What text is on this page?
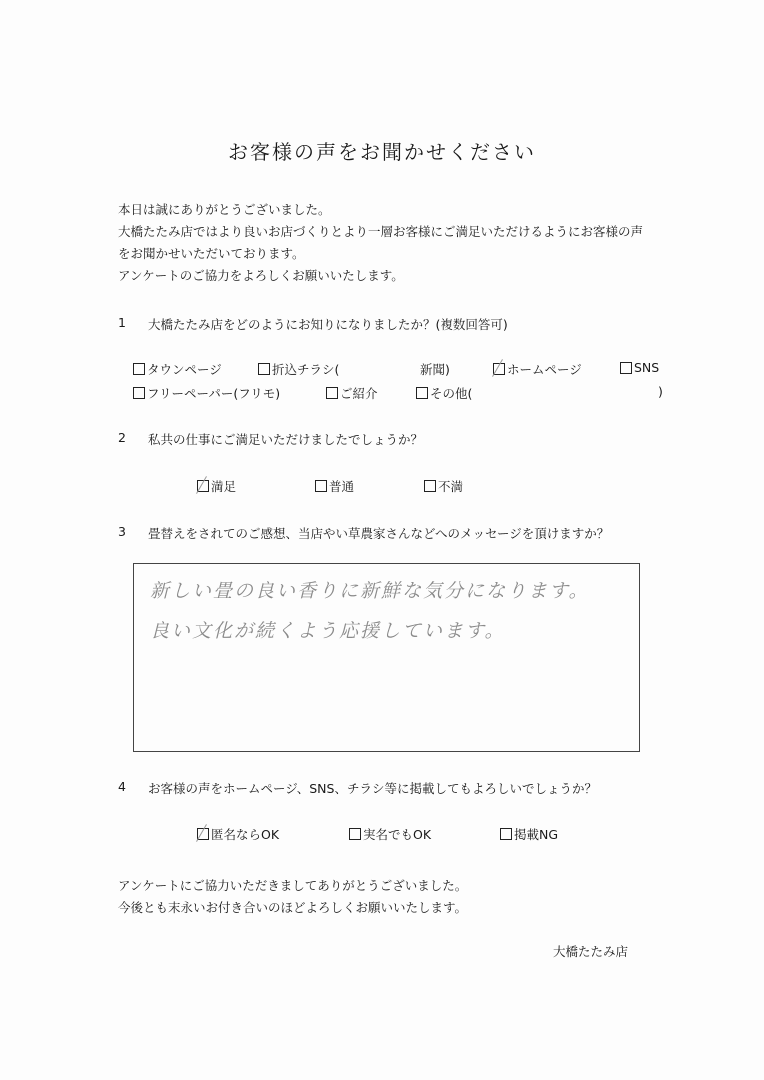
お客様の声をお聞かせください
本日は誠にありがとうございました。
大橋たたみ店ではより良いお店づくりとより一層お客様にご満足いただけるようにお客様の声
をお聞かせいただいております。
アンケートのご協力をよろしくお願いいたします。
1 大橋たたみ店をどのようにお知りになりましたか？(複数回答可)
タウンページ	折込チラシ(	新聞)	ホームページ	SNS
フリーペーパー(フリモ)	ご紹介	その他(	)
2 私共の仕事にご満足いただけましたでしょうか？
満足	普通	不満
3 畳替えをされてのご感想、当店やい草農家さんなどへのメッセージを頂けますか？
新しい畳の良い香りに新鮮な気分になります。
良い文化が続くよう応援しています。
4 お客様の声をホームページ、SNS、チラシ等に掲載してもよろしいでしょうか？
匿名ならOK	実名でもOK	掲載NG
アンケートにご協力いただきましてありがとうございました。
今後とも末永いお付き合いのほどよろしくお願いいたします。
大橋たたみ店
